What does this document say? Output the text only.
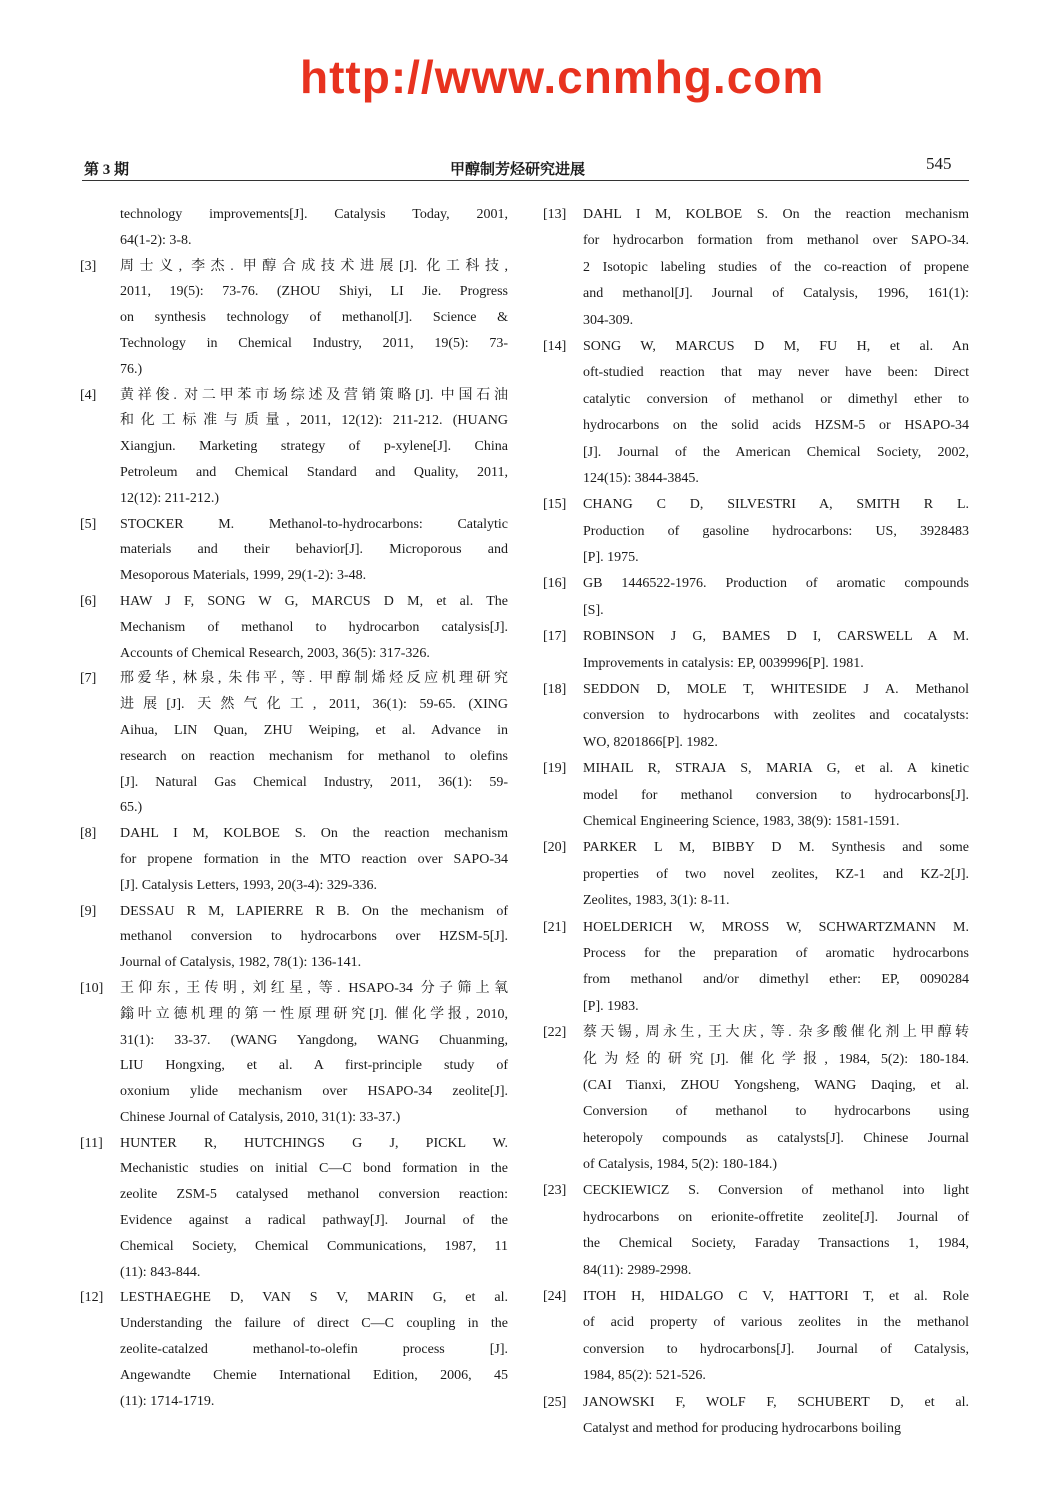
http://www.cnmhg.com
第 3 期	甲醇制芳烃研究进展	545
technology improvements[J]. Catalysis Today, 2001,
64(1-2): 3-8.
[3] 周士义, 李杰. 甲醇合成技术进展[J]. 化工科技,
2011, 19(5): 73-76. (ZHOU Shiyi, LI Jie. Progress
on synthesis technology of methanol[J]. Science &
Technology in Chemical Industry, 2011, 19(5): 73-
76.)
[4] 黄祥俊. 对二甲苯市场综述及营销策略[J]. 中国石油
和化工标准与质量, 2011, 12(12): 211-212. (HUANG
Xiangjun. Marketing strategy of p-xylene[J]. China
Petroleum and Chemical Standard and Quality, 2011,
12(12): 211-212.)
[5] STOCKER M. Methanol-to-hydrocarbons: Catalytic
materials and their behavior[J]. Microporous and
Mesoporous Materials, 1999, 29(1-2): 3-48.
[6] HAW J F, SONG W G, MARCUS D M, et al. The
Mechanism of methanol to hydrocarbon catalysis[J].
Accounts of Chemical Research, 2003, 36(5): 317-326.
[7] 邢爱华, 林泉, 朱伟平, 等. 甲醇制烯烃反应机理研究
进展[J]. 天然气化工, 2011, 36(1): 59-65. (XING
Aihua, LIN Quan, ZHU Weiping, et al. Advance in
research on reaction mechanism for methanol to olefins
[J]. Natural Gas Chemical Industry, 2011, 36(1): 59-
65.)
[8] DAHL I M, KOLBOE S. On the reaction mechanism
for propene formation in the MTO reaction over SAPO-34
[J]. Catalysis Letters, 1993, 20(3-4): 329-336.
[9] DESSAU R M, LAPIERRE R B. On the mechanism of
methanol conversion to hydrocarbons over HZSM-5[J].
Journal of Catalysis, 1982, 78(1): 136-141.
[10] 王仰东, 王传明, 刘红星, 等. HSAPO-34 分子筛上氧
鎓叶立德机理的第一性原理研究[J]. 催化学报, 2010,
31(1): 33-37. (WANG Yangdong, WANG Chuanming,
LIU Hongxing, et al. A first-principle study of
oxonium ylide mechanism over HSAPO-34 zeolite[J].
Chinese Journal of Catalysis, 2010, 31(1): 33-37.)
[11] HUNTER R, HUTCHINGS G J, PICKL W.
Mechanistic studies on initial C—C bond formation in the
zeolite ZSM-5 catalysed methanol conversion reaction:
Evidence against a radical pathway[J]. Journal of the
Chemical Society, Chemical Communications, 1987, 11
(11): 843-844.
[12] LESTHAEGHE D, VAN S V, MARIN G, et al.
Understanding the failure of direct C—C coupling in the
zeolite-catalzed methanol-to-olefin process [J].
Angewandte Chemie International Edition, 2006, 45
(11): 1714-1719.
[13] DAHL I M, KOLBOE S. On the reaction mechanism
for hydrocarbon formation from methanol over SAPO-34.
2 Isotopic labeling studies of the co-reaction of propene
and methanol[J]. Journal of Catalysis, 1996, 161(1):
304-309.
[14] SONG W, MARCUS D M, FU H, et al. An
oft-studied reaction that may never have been: Direct
catalytic conversion of methanol or dimethyl ether to
hydrocarbons on the solid acids HZSM-5 or HSAPO-34
[J]. Journal of the American Chemical Society, 2002,
124(15): 3844-3845.
[15] CHANG C D, SILVESTRI A, SMITH R L.
Production of gasoline hydrocarbons: US, 3928483
[P]. 1975.
[16] GB 1446522-1976. Production of aromatic compounds
[S].
[17] ROBINSON J G, BAMES D I, CARSWELL A M.
Improvements in catalysis: EP, 0039996[P]. 1981.
[18] SEDDON D, MOLE T, WHITESIDE J A. Methanol
conversion to hydrocarbons with zeolites and cocatalysts:
WO, 8201866[P]. 1982.
[19] MIHAIL R, STRAJA S, MARIA G, et al. A kinetic
model for methanol conversion to hydrocarbons[J].
Chemical Engineering Science, 1983, 38(9): 1581-1591.
[20] PARKER L M, BIBBY D M. Synthesis and some
properties of two novel zeolites, KZ-1 and KZ-2[J].
Zeolites, 1983, 3(1): 8-11.
[21] HOELDERICH W, MROSS W, SCHWARTZMANN M.
Process for the preparation of aromatic hydrocarbons
from methanol and/or dimethyl ether: EP, 0090284
[P]. 1983.
[22] 蔡天锡, 周永生, 王大庆, 等. 杂多酸催化剂上甲醇转
化为烃的研究[J]. 催化学报, 1984, 5(2): 180-184.
(CAI Tianxi, ZHOU Yongsheng, WANG Daqing, et al.
Conversion of methanol to hydrocarbons using
heteropoly compounds as catalysts[J]. Chinese Journal
of Catalysis, 1984, 5(2): 180-184.)
[23] CECKIEWICZ S. Conversion of methanol into light
hydrocarbons on erionite-offretite zeolite[J]. Journal of
the Chemical Society, Faraday Transactions 1, 1984,
84(11): 2989-2998.
[24] ITOH H, HIDALGO C V, HATTORI T, et al. Role
of acid property of various zeolites in the methanol
conversion to hydrocarbons[J]. Journal of Catalysis,
1984, 85(2): 521-526.
[25] JANOWSKI F, WOLF F, SCHUBERT D, et al.
Catalyst and method for producing hydrocarbons boiling
